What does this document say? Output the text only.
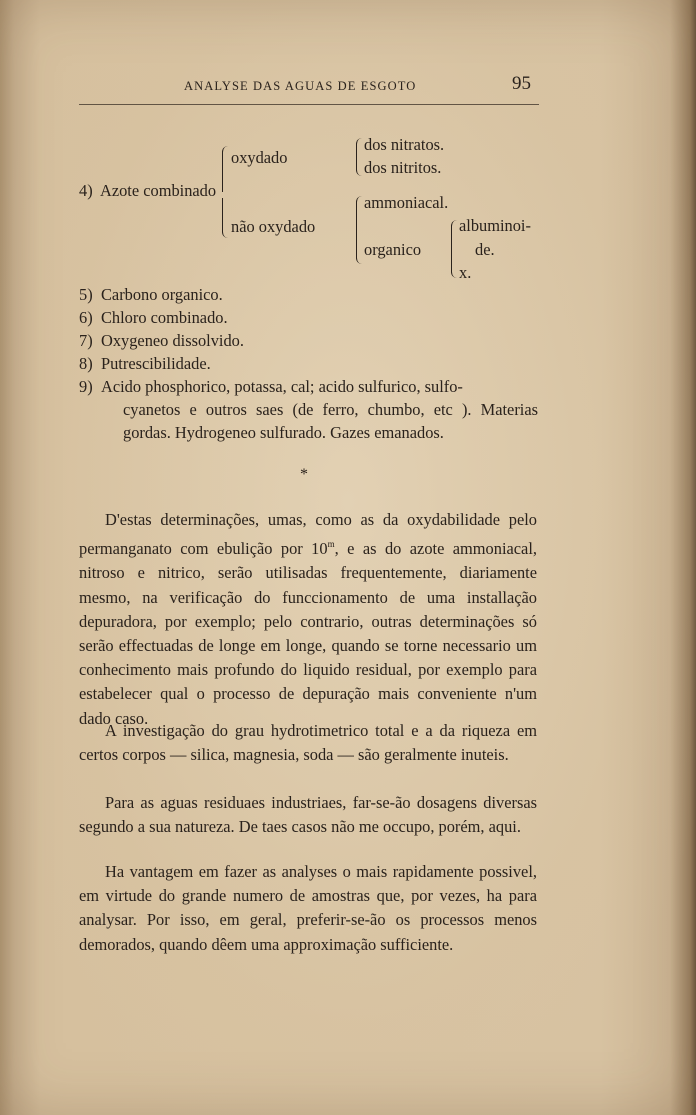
ANALYSE DAS AGUAS DE ESGOTO	95
4) Azote combinado
oxydado
não oxydado
dos nitratos.
dos nitritos.
ammoniacal.
organico
albuminoi-
de.
x.
5) Carbono organico.
6) Chloro combinado.
7) Oxygeneo dissolvido.
8) Putrescibilidade.
9) Acido phosphorico, potassa, cal; acido sulfurico, sulfo-
cyanetos e outros saes (de ferro, chumbo, etc ). Materias gordas. Hydrogeneo sulfurado. Gazes emanados.
*
D'estas determinações, umas, como as da oxydabilidade pelo permanganato com ebulição por 10$^m$, e as do azote ammoniacal, nitroso e nitrico, serão utilisadas frequentemente, diariamente mesmo, na verificação do funccionamento de uma installação depuradora, por exemplo; pelo contrario, outras determinações só serão effectuadas de longe em longe, quando se torne necessario um conhecimento mais profundo do liquido residual, por exemplo para estabelecer qual o processo de depuração mais conveniente n'um dado caso.
A investigação do grau hydrotimetrico total e a da riqueza em certos corpos — silica, magnesia, soda — são geralmente inuteis.
Para as aguas residuaes industriaes, far-se-ão dosagens diversas segundo a sua natureza. De taes casos não me occupo, porém, aqui.
Ha vantagem em fazer as analyses o mais rapidamente possivel, em virtude do grande numero de amostras que, por vezes, ha para analysar. Por isso, em geral, preferir-se-ão os processos menos demorados, quando dêem uma approximação sufficiente.
